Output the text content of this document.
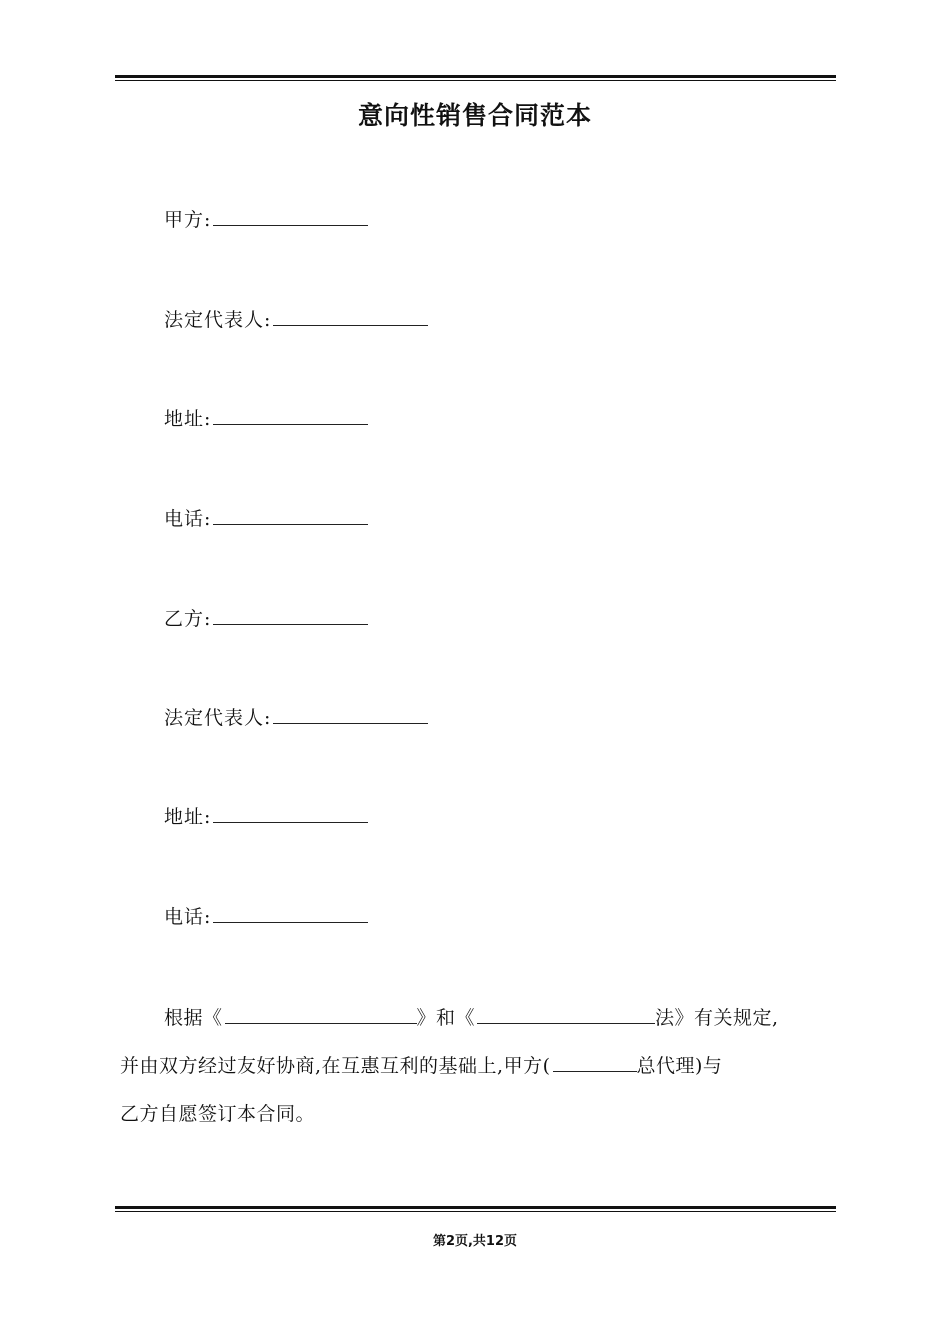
意向性销售合同范本
甲方:
法定代表人:
地址:
电话:
乙方:
法定代表人:
地址:
电话:
根据《	》和《	法》有关规定,
并由双方经过友好协商,在互惠互利的基础上,甲方(	总代理)与
乙方自愿签订本合同。
第2页,共12页
